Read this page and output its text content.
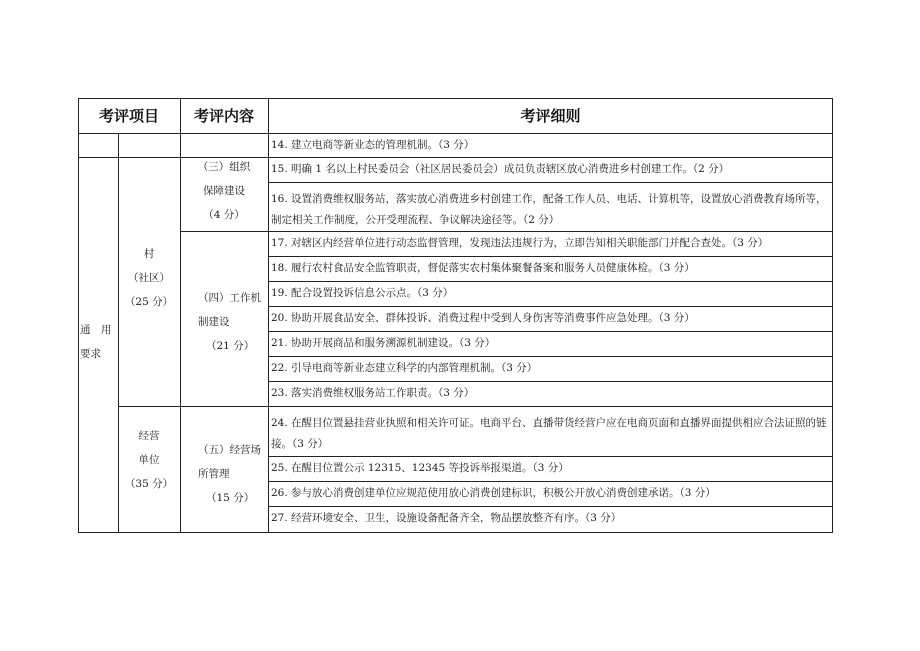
考评项目	考评内容	考评细则
通　用
要求
村
（社区）
（25 分）
经营
单位
（35 分）
（三）组织
保障建设
（4 分）
（四）工作机
制建设
（21 分）
（五）经营场
所管理
（15 分）
14. 建立电商等新业态的管理机制。（3 分）
15. 明确 1 名以上村民委员会（社区居民委员会）成员负责辖区放心消费进乡村创建工作。（2 分）
16. 设置消费维权服务站，落实放心消费进乡村创建工作，配备工作人员、电话、计算机等，设置放心消费教育场所等，制定相关工作制度，公开受理流程、争议解决途径等。（2 分）
17. 对辖区内经营单位进行动态监督管理，发现违法违规行为，立即告知相关职能部门并配合查处。（3 分）
18. 履行农村食品安全监管职责，督促落实农村集体聚餐备案和服务人员健康体检。（3 分）
19. 配合设置投诉信息公示点。（3 分）
20. 协助开展食品安全、群体投诉、消费过程中受到人身伤害等消费事件应急处理。（3 分）
21. 协助开展商品和服务溯源机制建设。（3 分）
22. 引导电商等新业态建立科学的内部管理机制。（3 分）
23. 落实消费维权服务站工作职责。（3 分）
24. 在醒目位置悬挂营业执照和相关许可证。电商平台、直播带货经营户应在电商页面和直播界面提供相应合法证照的链接。（3 分）
25. 在醒目位置公示 12315、12345 等投诉举报渠道。（3 分）
26. 参与放心消费创建单位应规范使用放心消费创建标识，积极公开放心消费创建承诺。（3 分）
27. 经营环境安全、卫生，设施设备配备齐全，物品摆放整齐有序。（3 分）
